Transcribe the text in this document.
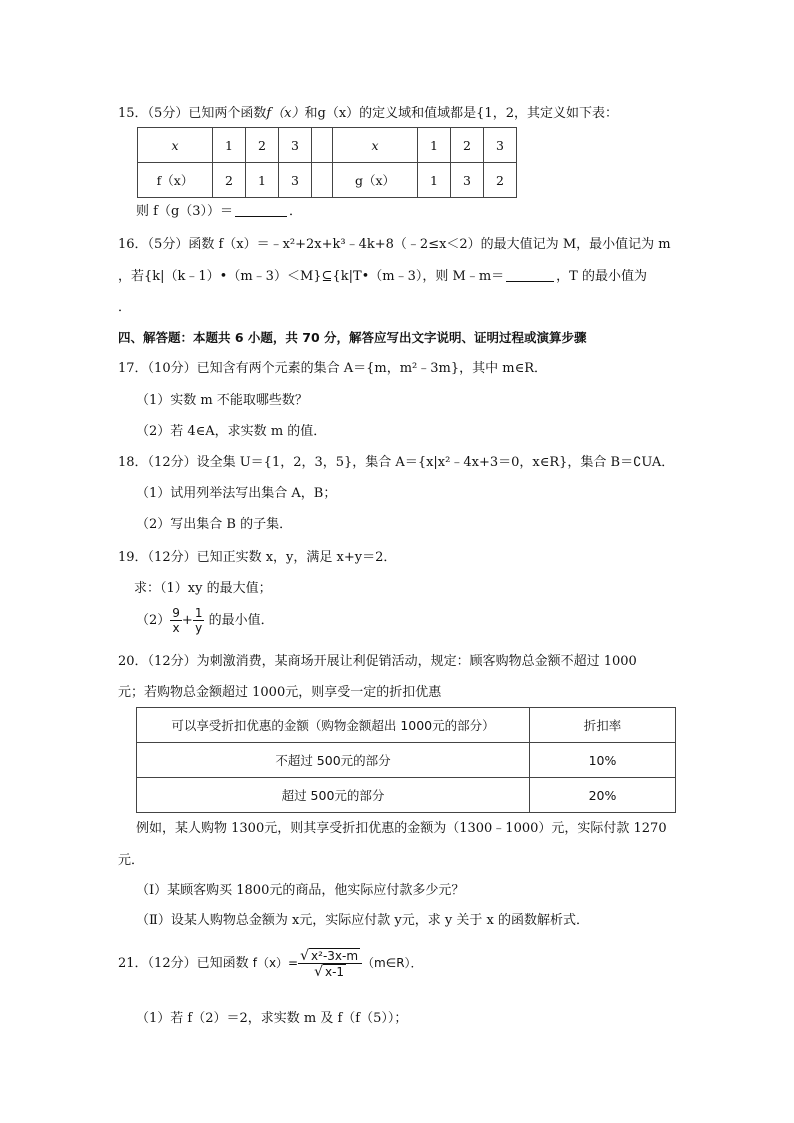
15．（5分）已知两个函数f（x）和g（x）的定义域和值域都是{1，2，其定义如下表：
x	1	2	3		x	1	2	3
f（x）	2	1	3		g（x）	1	3	2
则 f（g（3））＝	．
16．（5分）函数 f（x）＝﹣x²+2x+k³﹣4k+8（﹣2≤x＜2）的最大值记为 M，最小值记为 m
，若{k|（k﹣1）•（m﹣3）＜M}⊆{k|T•（m﹣3），则 M﹣m＝	，T 的最小值为
．
四、解答题：本题共 6 小题，共 70 分，解答应写出文字说明、证明过程或演算步骤
17．（10分）已知含有两个元素的集合 A＝{m，m²﹣3m}，其中 m∈R．
（1）实数 m 不能取哪些数？
（2）若 4∈A，求实数 m 的值．
18．（12分）设全集 U＝{1，2，3，5}，集合 A＝{x|x²﹣4x+3＝0，x∈R}，集合 B＝∁UA．
（1）试用列举法写出集合 A，B；
（2）写出集合 B 的子集．
19．（12分）已知正实数 x，y，满足 x+y＝2．
求：（1）xy 的最大值；
$(2) \frac{9}{x} + \frac{1}{y}$ 的最小值．
20．（12分）为刺激消费，某商场开展让利促销活动，规定：顾客购物总金额不超过 1000
元；若购物总金额超过 1000元，则享受一定的折扣优惠
可以享受折扣优惠的金额（购物金额超出 1000元的部分）	折扣率
不超过 500元的部分	10%
超过 500元的部分	20%
例如，某人购物 1300元，则其享受折扣优惠的金额为（1300﹣1000）元，实际付款 1270
元．
（Ⅰ）某顾客购买 1800元的商品，他实际应付款多少元？
（Ⅱ）设某人购物总金额为 x元，实际应付款 y元，求 y 关于 x 的函数解析式．
21．（12分）已知函数 $f(x)= \frac{\text{√ x²-3x-m}}{√ x-1}$ （m∈R）．
（1）若 f（2）＝2，求实数 m 及 f（f（5））；
